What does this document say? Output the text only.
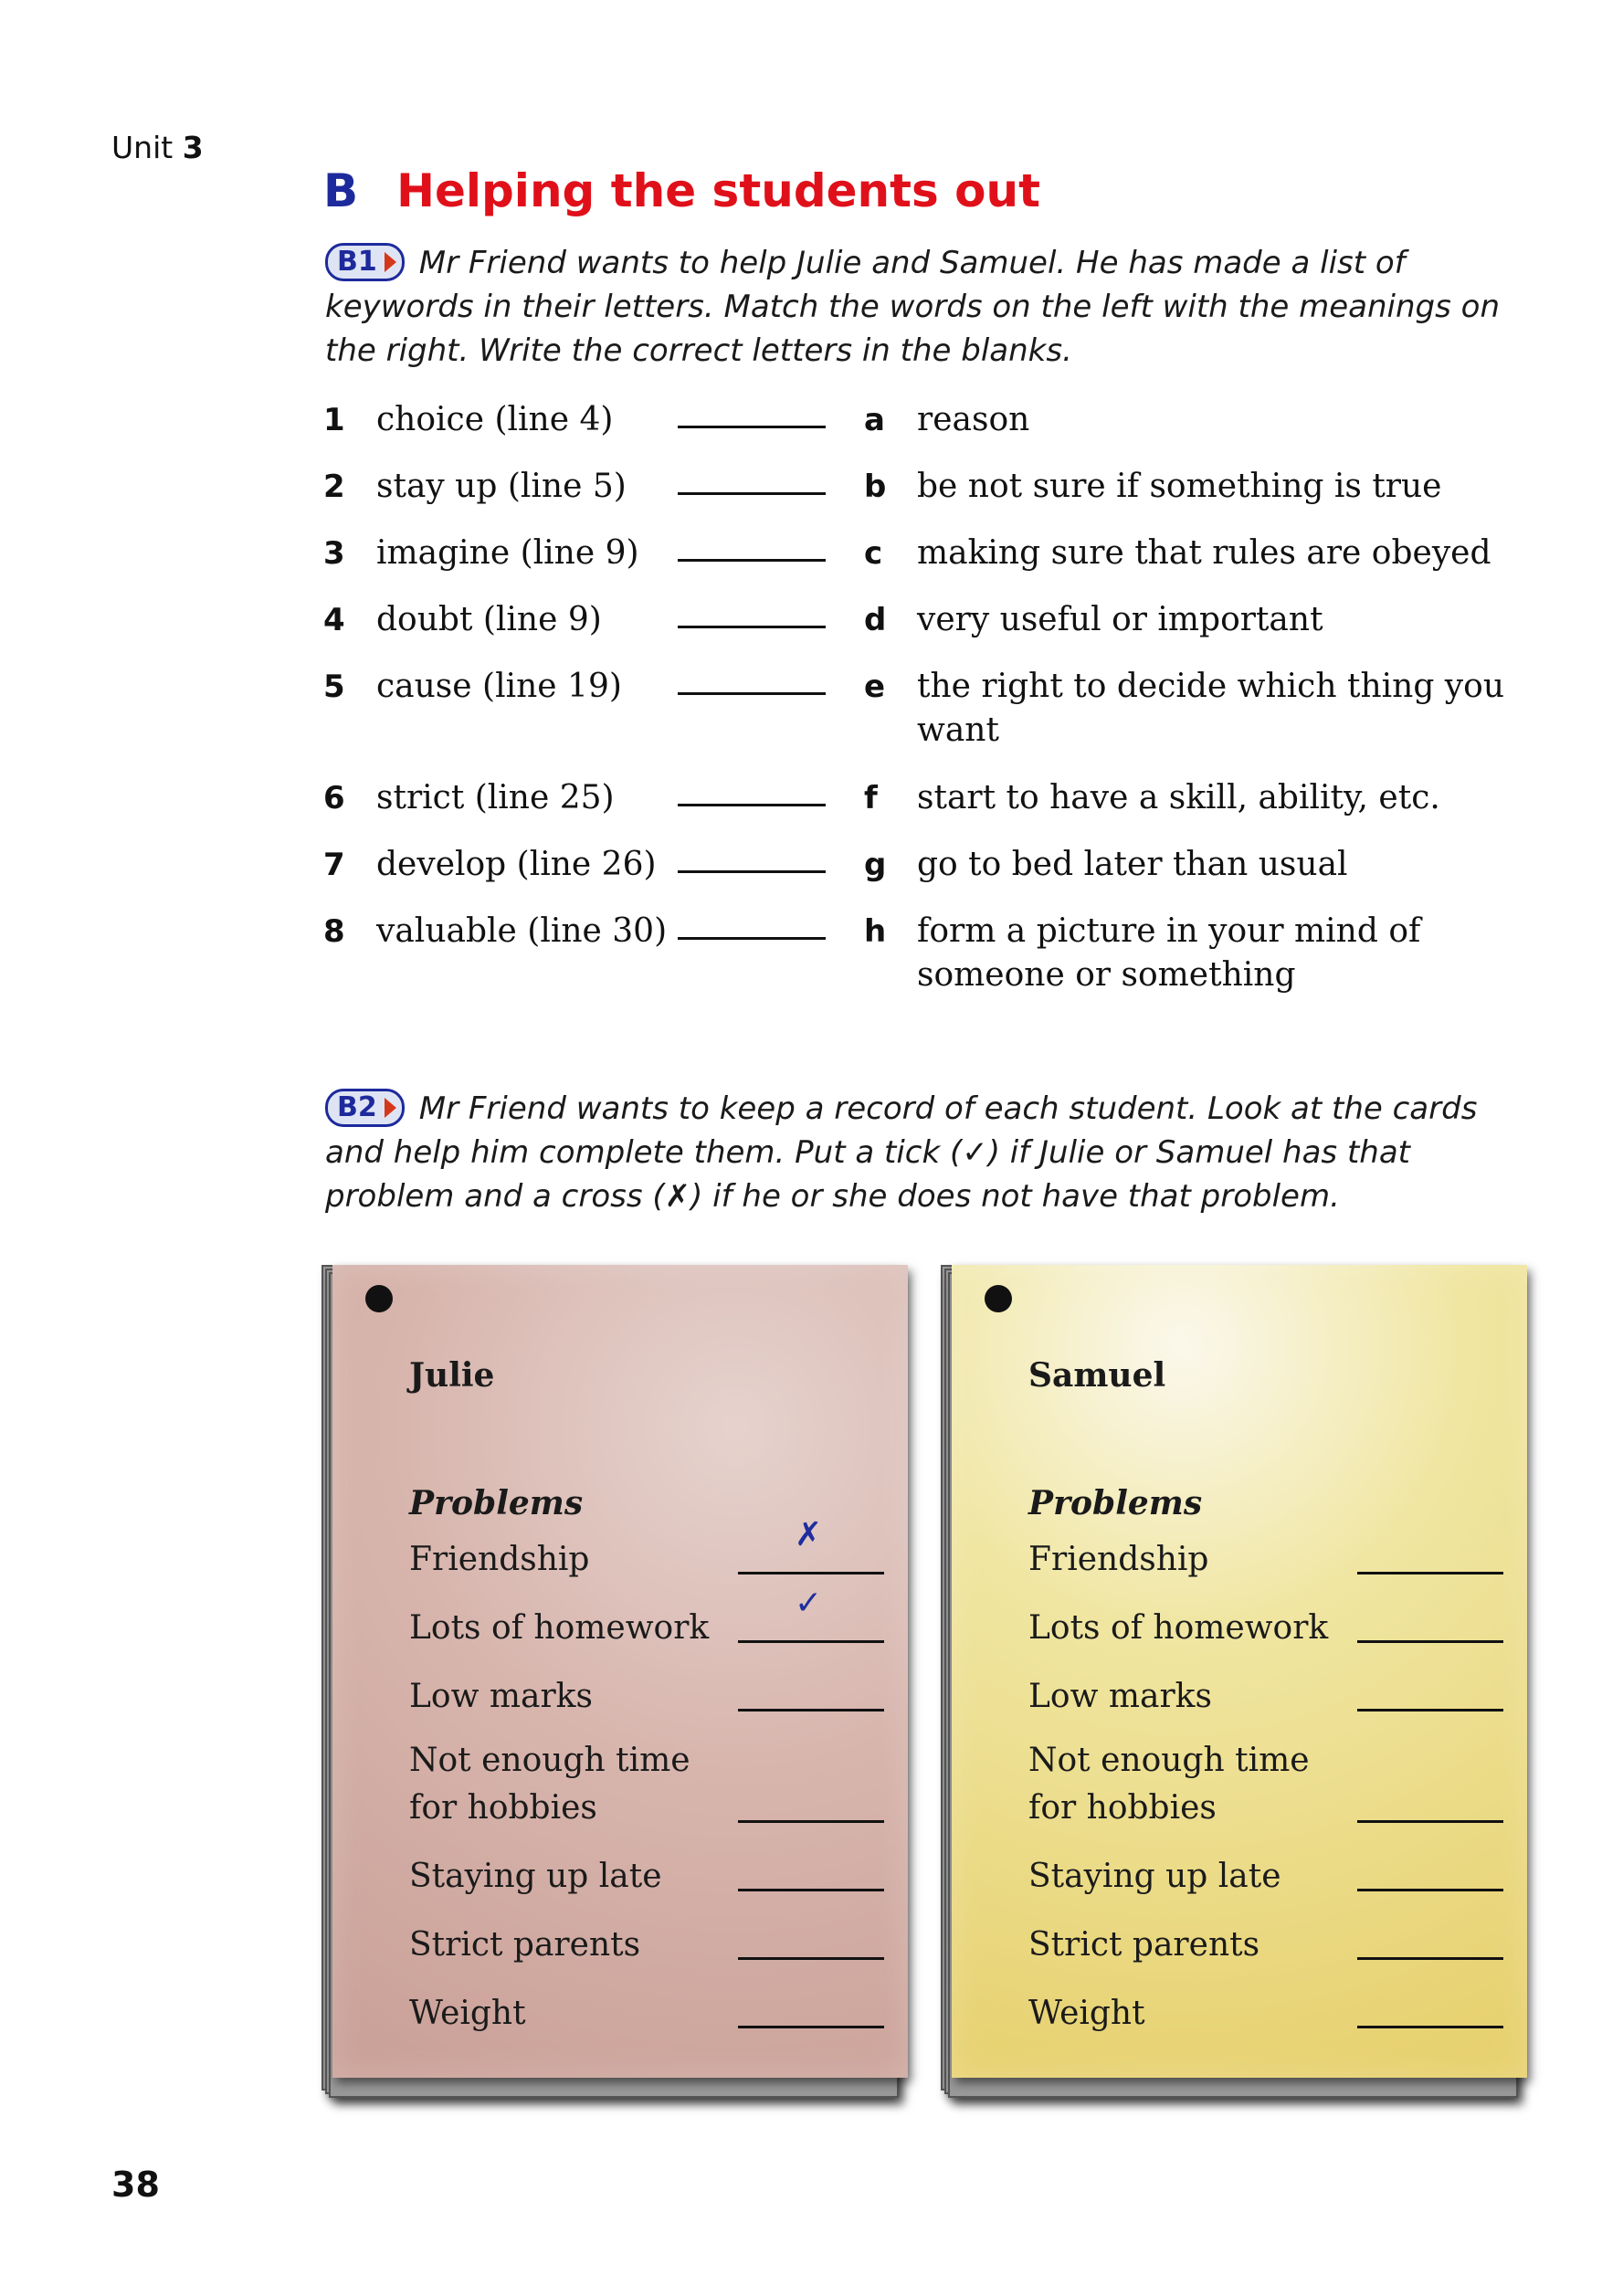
Unit 3
B Helping the students out
B1 Mr Friend wants to help Julie and Samuel. He has made a list of keywords in their letters. Match the words on the left with the meanings on the right. Write the correct letters in the blanks.
1 choice (line 4)	a reason
2 stay up (line 5)	b be not sure if something is true
3 imagine (line 9)	c	making sure that rules are obeyed
4 doubt (line 9)	d very useful or important
5 cause (line 19)	e the right to decide which thing you want
6 strict (line 25)	f	start to have a skill, ability, etc.
7 develop (line 26)	g go to bed later than usual
8 valuable (line 30)	h form a picture in your mind of someone or something
B2 Mr Friend wants to keep a record of each student. Look at the cards and help him complete them. Put a tick (✓) if Julie or Samuel has that problem and a cross (✗) if he or she does not have that problem.
Julie
Problems
Friendship
✗
Lots of homework
✓
Low marks
Not enough time
for hobbies
Staying up late
Strict parents
Weight
Samuel
Problems
Friendship
Lots of homework
Low marks
Not enough time
for hobbies
Staying up late
Strict parents
Weight
38
